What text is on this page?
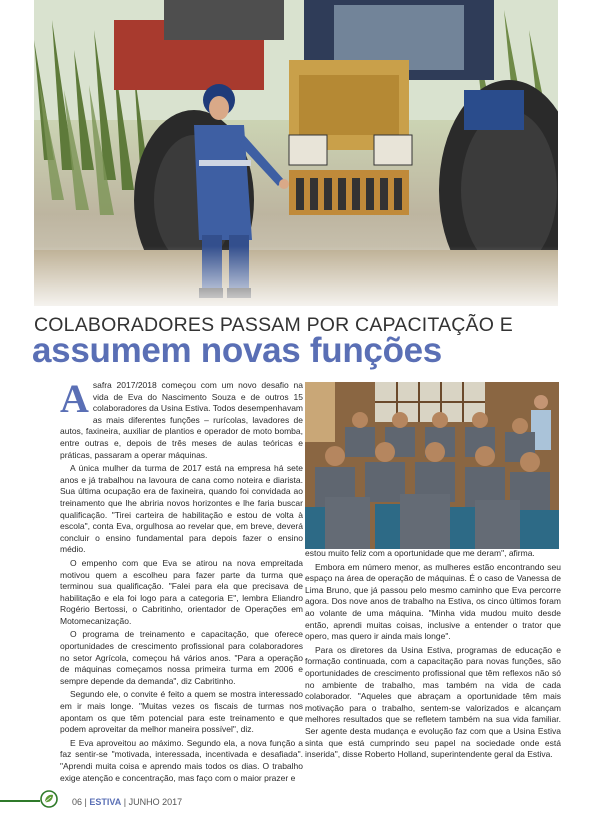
COLABORADORES PASSAM POR CAPACITAÇÃO E
assumem novas funções

A safra 2017/2018 começou com um novo desafio na vida de Eva do Nascimento Souza e de outros 15 colaboradores da Usina Estiva. Todos desempenhavam as mais diferentes funções – rurícolas, lavadores de autos, faxineira, auxiliar de plantios e operador de moto bomba, entre outras e, depois de três meses de aulas teóricas e práticas, passaram a operar máquinas.

A única mulher da turma de 2017 está na empresa há sete anos e já trabalhou na lavoura de cana como noteira e diarista. Sua última ocupação era de faxineira, quando foi convidada ao treinamento que lhe abriria novos horizontes e lhe faria buscar qualificação. "Tirei carteira de habilitação e estou de volta à escola", conta Eva, orgulhosa ao revelar que, em breve, deverá concluir o ensino fundamental para depois fazer o ensino médio.

O empenho com que Eva se atirou na nova empreitada motivou quem a escolheu para fazer parte da turma que terminou sua qualificação. "Falei para ela que precisava de habilitação e ela foi logo para a categoria E", lembra Eliandro Rogério Bertossi, o Cabritinho, orientador de Operações em Motomecanização.

O programa de treinamento e capacitação, que oferece oportunidades de crescimento profissional para colaboradores no setor Agrícola, começou há vários anos. "Para a operação de máquinas começamos nossa primeira turma em 2006 e sempre depende da demanda", diz Cabritinho.

Segundo ele, o convite é feito a quem se mostra interessado em ir mais longe. "Muitas vezes os fiscais de turmas nos apontam os que têm potencial para este treinamento e que podem aproveitar da melhor maneira possível", diz.

E Eva aproveitou ao máximo. Segundo ela, a nova função a faz sentir-se "motivada, interessada, incentivada e desafiada". "Aprendi muita coisa e aprendo mais todos os dias. O trabalho exige atenção e concentração, mas faço com o maior prazer e

estou muito feliz com a oportunidade que me deram", afirma.

Embora em número menor, as mulheres estão encontrando seu espaço na área de operação de máquinas. É o caso de Vanessa de Lima Bruno, que já passou pelo mesmo caminho que Eva percorre agora. Dos nove anos de trabalho na Estiva, os cinco últimos foram ao volante de uma máquina. "Minha vida mudou muito desde então, aprendi muitas coisas, inclusive a entender o trator que opero, mas quero ir ainda mais longe".

Para os diretores da Usina Estiva, programas de educação e formação continuada, com a capacitação para novas funções, são oportunidades de crescimento profissional que têm reflexos não só no ambiente de trabalho, mas também na vida de cada colaborador. "Aqueles que abraçam a oportunidade têm mais motivação para o trabalho, sentem-se valorizados e alcançam melhores resultados que se refletem também na sua vida familiar. Ser agente desta mudança e evolução faz com que a Usina Estiva sinta que está cumprindo seu papel na sociedade onde está inserida", disse Roberto Holland, superintendente geral da Estiva.

06 | ESTIVA | JUNHO 2017
